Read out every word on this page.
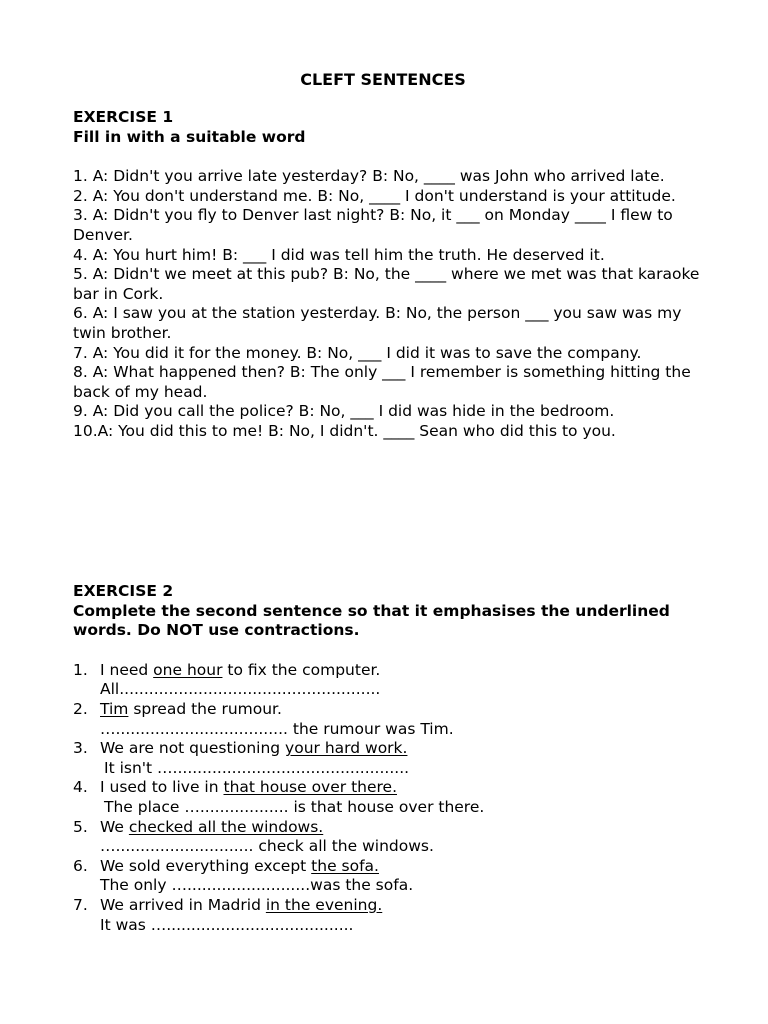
CLEFT SENTENCES
EXERCISE 1
Fill in with a suitable word
1. A: Didn't you arrive late yesterday? B: No, ____ was John who arrived late.
2. A: You don't understand me. B: No, ____ I don't understand is your attitude.
3. A: Didn't you fly to Denver last night? B: No, it ___ on Monday ____ I flew to Denver.
4. A: You hurt him! B: ___ I did was tell him the truth. He deserved it.
5. A: Didn't we meet at this pub? B: No, the ____ where we met was that karaoke bar in Cork.
6. A: I saw you at the station yesterday. B: No, the person ___ you saw was my twin brother.
7. A: You did it for the money. B: No, ___ I did it was to save the company.
8. A: What happened then? B: The only ___ I remember is something hitting the back of my head.
9. A: Did you call the police? B: No, ___ I did was hide in the bedroom.
10.A: You did this to me! B: No, I didn't. ____ Sean who did this to you.
EXERCISE 2
Complete the second sentence so that it emphasises the underlined words. Do NOT use contractions.
1. I need one hour to fix the computer.
All.....................................................
2. Tim spread the rumour.
…................................... the rumour was Tim.
3. We are not questioning your hard work.
It isn't …................................................
4. I used to live in that house over there.
The place ….................. is that house over there.
5. We checked all the windows.
…............................ check all the windows.
6. We sold everything except the sofa.
The only ….........................was the sofa.
7. We arrived in Madrid in the evening.
It was …......................................
